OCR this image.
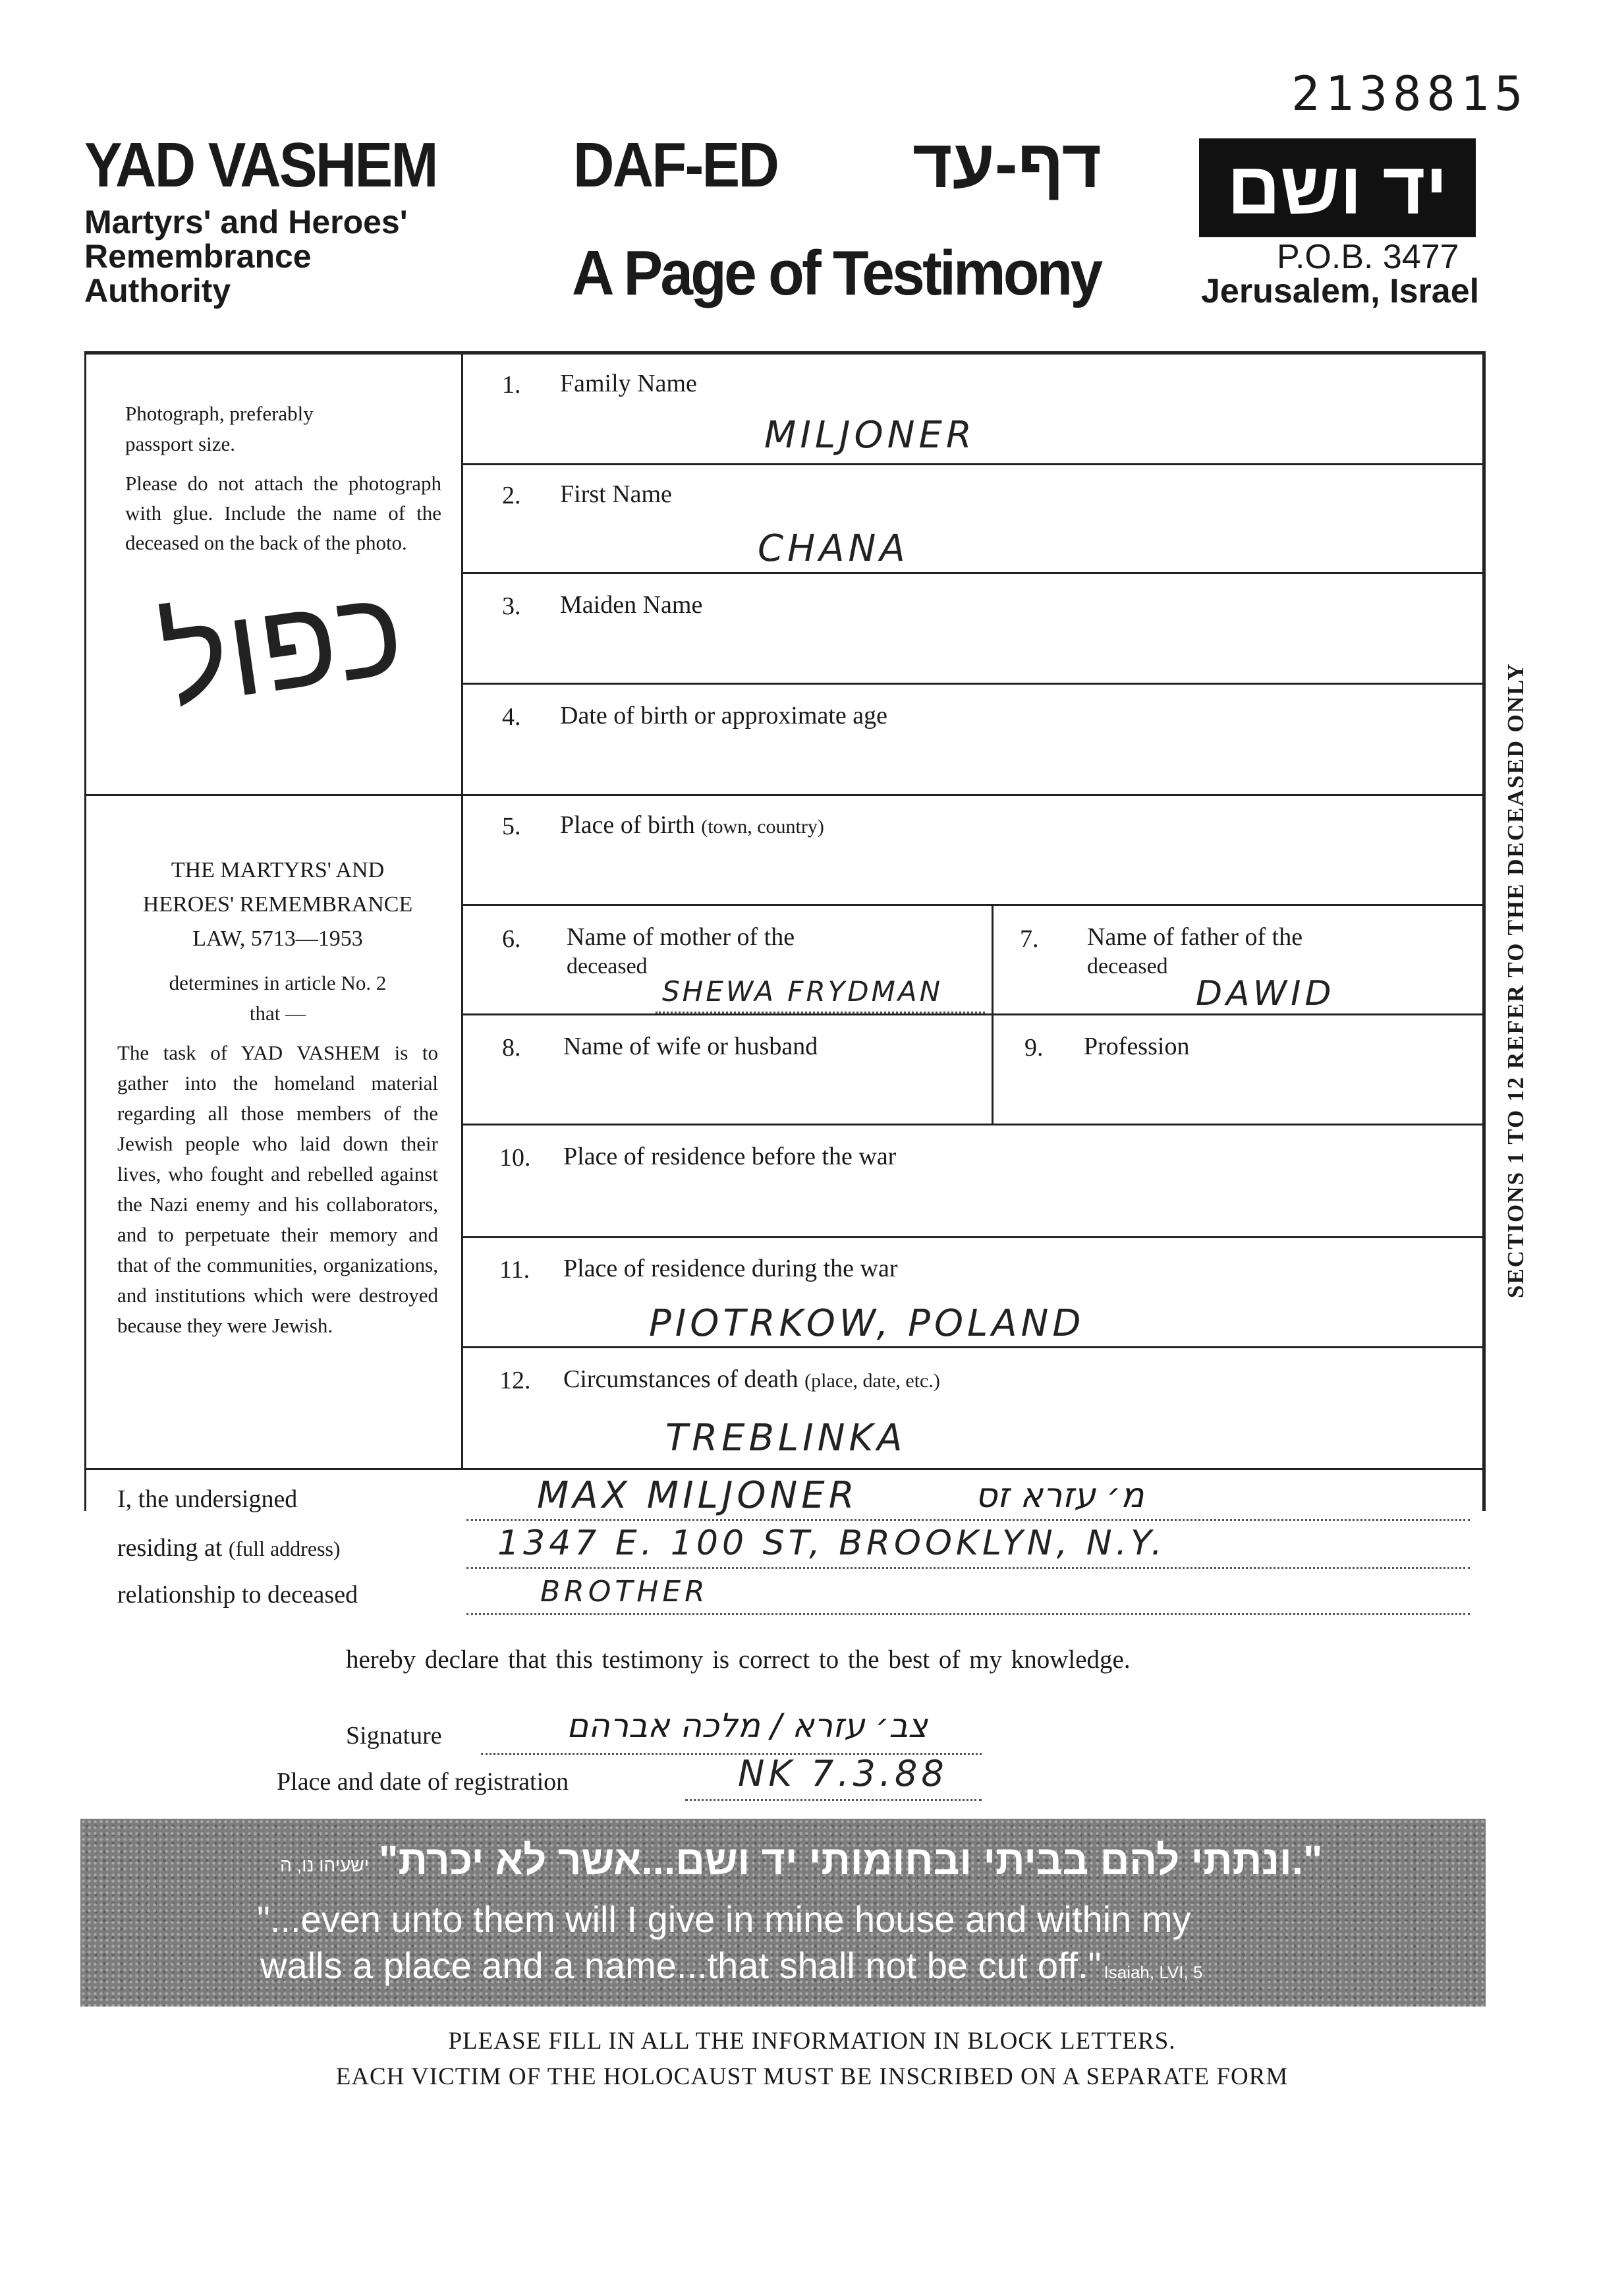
2138815
YAD VASHEM
Martyrs' and Heroes'
Remembrance
Authority
DAF-ED דף-עד
A Page of Testimony
יד ושם
P.O.B. 3477
Jerusalem, Israel
Photograph, preferably
passport size.
Please do not attach the photograph with glue. Include the name of the deceased on the back of the photo.
כפול
THE MARTYRS' AND
HEROES' REMEMBRANCE
LAW, 5713—1953
determines in article No. 2
that —
The task of YAD VASHEM is to gather into the homeland material regarding all those members of the Jewish people who laid down their lives, who fought and rebelled against the Nazi enemy and his collaborators, and to perpetuate their memory and that of the communities, organizations, and institutions which were destroyed because they were Jewish.
1. Family Name
MILJONER
2. First Name
CHANA
3. Maiden Name
4. Date of birth or approximate age
5. Place of birth (town, country)
6. Name of mother of the
deceased
SHEWA FRYDMAN
7. Name of father of the
deceased
DAWID
8. Name of wife or husband	9. Profession
10. Place of residence before the war
11. Place of residence during the war
PIOTRKOW, POLAND
12. Circumstances of death (place, date, etc.)
TREBLINKA
SECTIONS 1 TO 12 REFER TO THE DECEASED ONLY
I, the undersigned	MAX MILJONER	מ׳ עזרא זס
residing at (full address)	1347 E. 100 ST, BROOKLYN, N.Y.
relationship to deceased	BROTHER
hereby declare that this testimony is correct to the best of my knowledge.
Signature	צב׳ עזרא / מלכה אברהם
Place and date of registration	NK 7.3.88
ישעיהו נו, ה ".ונתתי להם בביתי ובחומותי יד ושם...אשר לא יכרת"
"...even unto them will I give in mine house and within my
walls a place and a name...that shall not be cut off." Isaiah, LVI, 5
PLEASE FILL IN ALL THE INFORMATION IN BLOCK LETTERS.
EACH VICTIM OF THE HOLOCAUST MUST BE INSCRIBED ON A SEPARATE FORM
